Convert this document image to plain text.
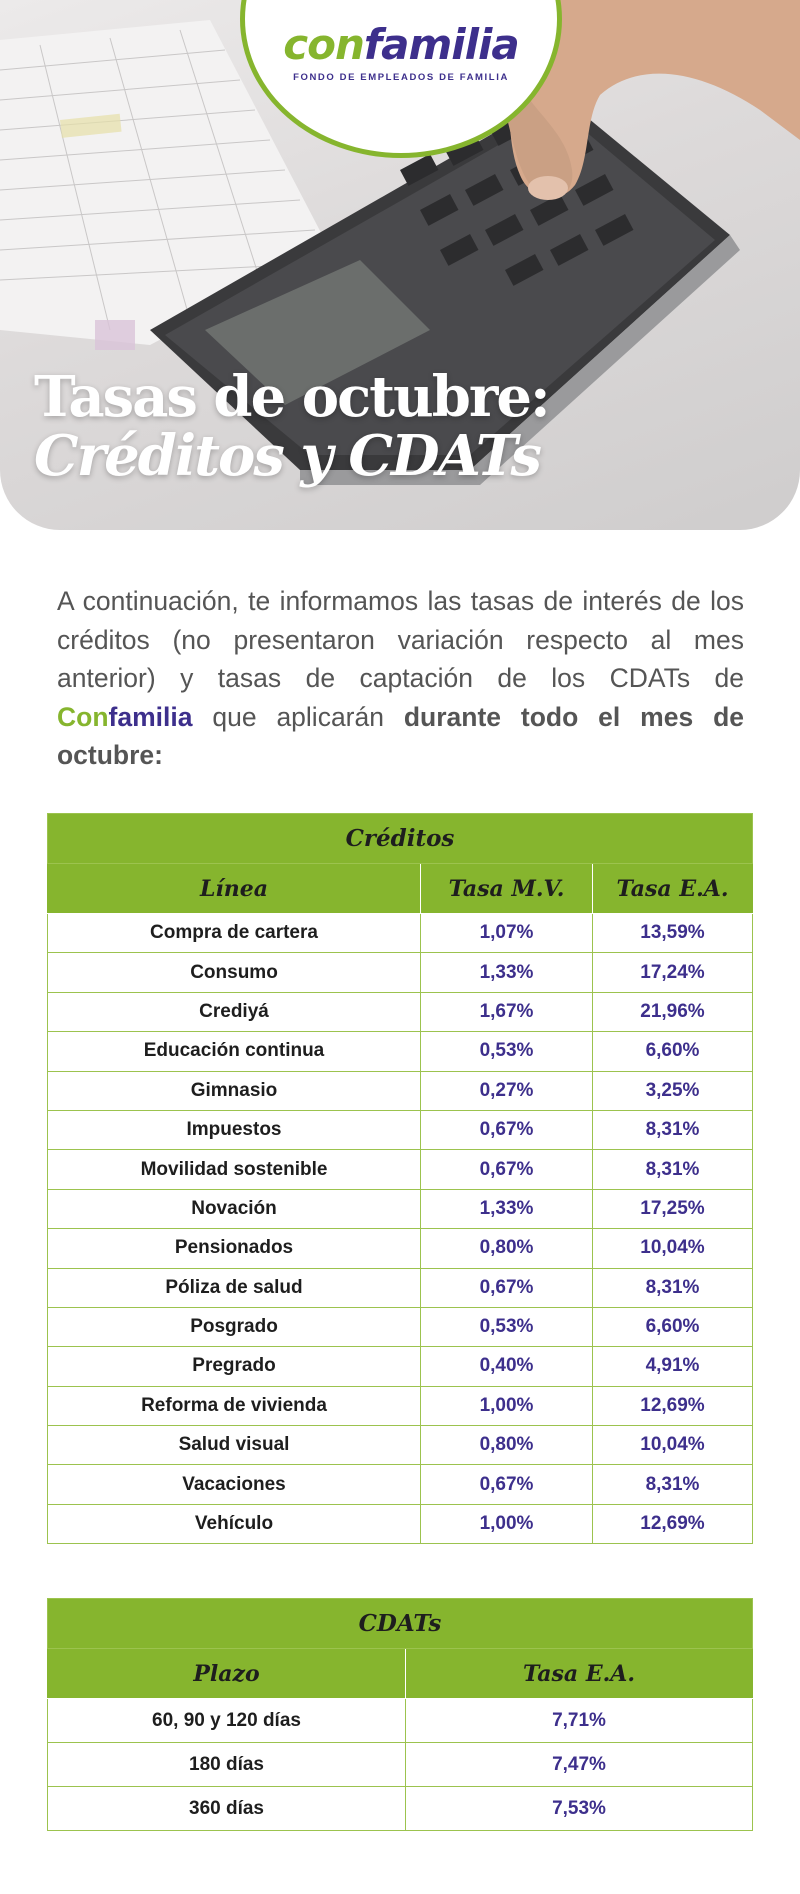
confamilia
FONDO DE EMPLEADOS DE FAMILIA
Tasas de octubre:
Créditos y CDATs

A continuación, te informamos las tasas de interés de los créditos (no presentaron variación respecto al mes anterior) y tasas de captación de los CDATs de Confamilia que aplicarán durante todo el mes de octubre:

Créditos		
Línea	Tasa M.V.	Tasa E.A.
Compra de cartera	1,07%	13,59%
Consumo	1,33%	17,24%
Crediyá	1,67%	21,96%
Educación continua	0,53%	6,60%
Gimnasio	0,27%	3,25%
Impuestos	0,67%	8,31%
Movilidad sostenible	0,67%	8,31%
Novación	1,33%	17,25%
Pensionados	0,80%	10,04%
Póliza de salud	0,67%	8,31%
Posgrado	0,53%	6,60%
Pregrado	0,40%	4,91%
Reforma de vivienda	1,00%	12,69%
Salud visual	0,80%	10,04%
Vacaciones	0,67%	8,31%
Vehículo	1,00%	12,69%
CDATs	
Plazo	Tasa E.A.
60, 90 y 120 días	7,71%
180 días	7,47%
360 días	7,53%
